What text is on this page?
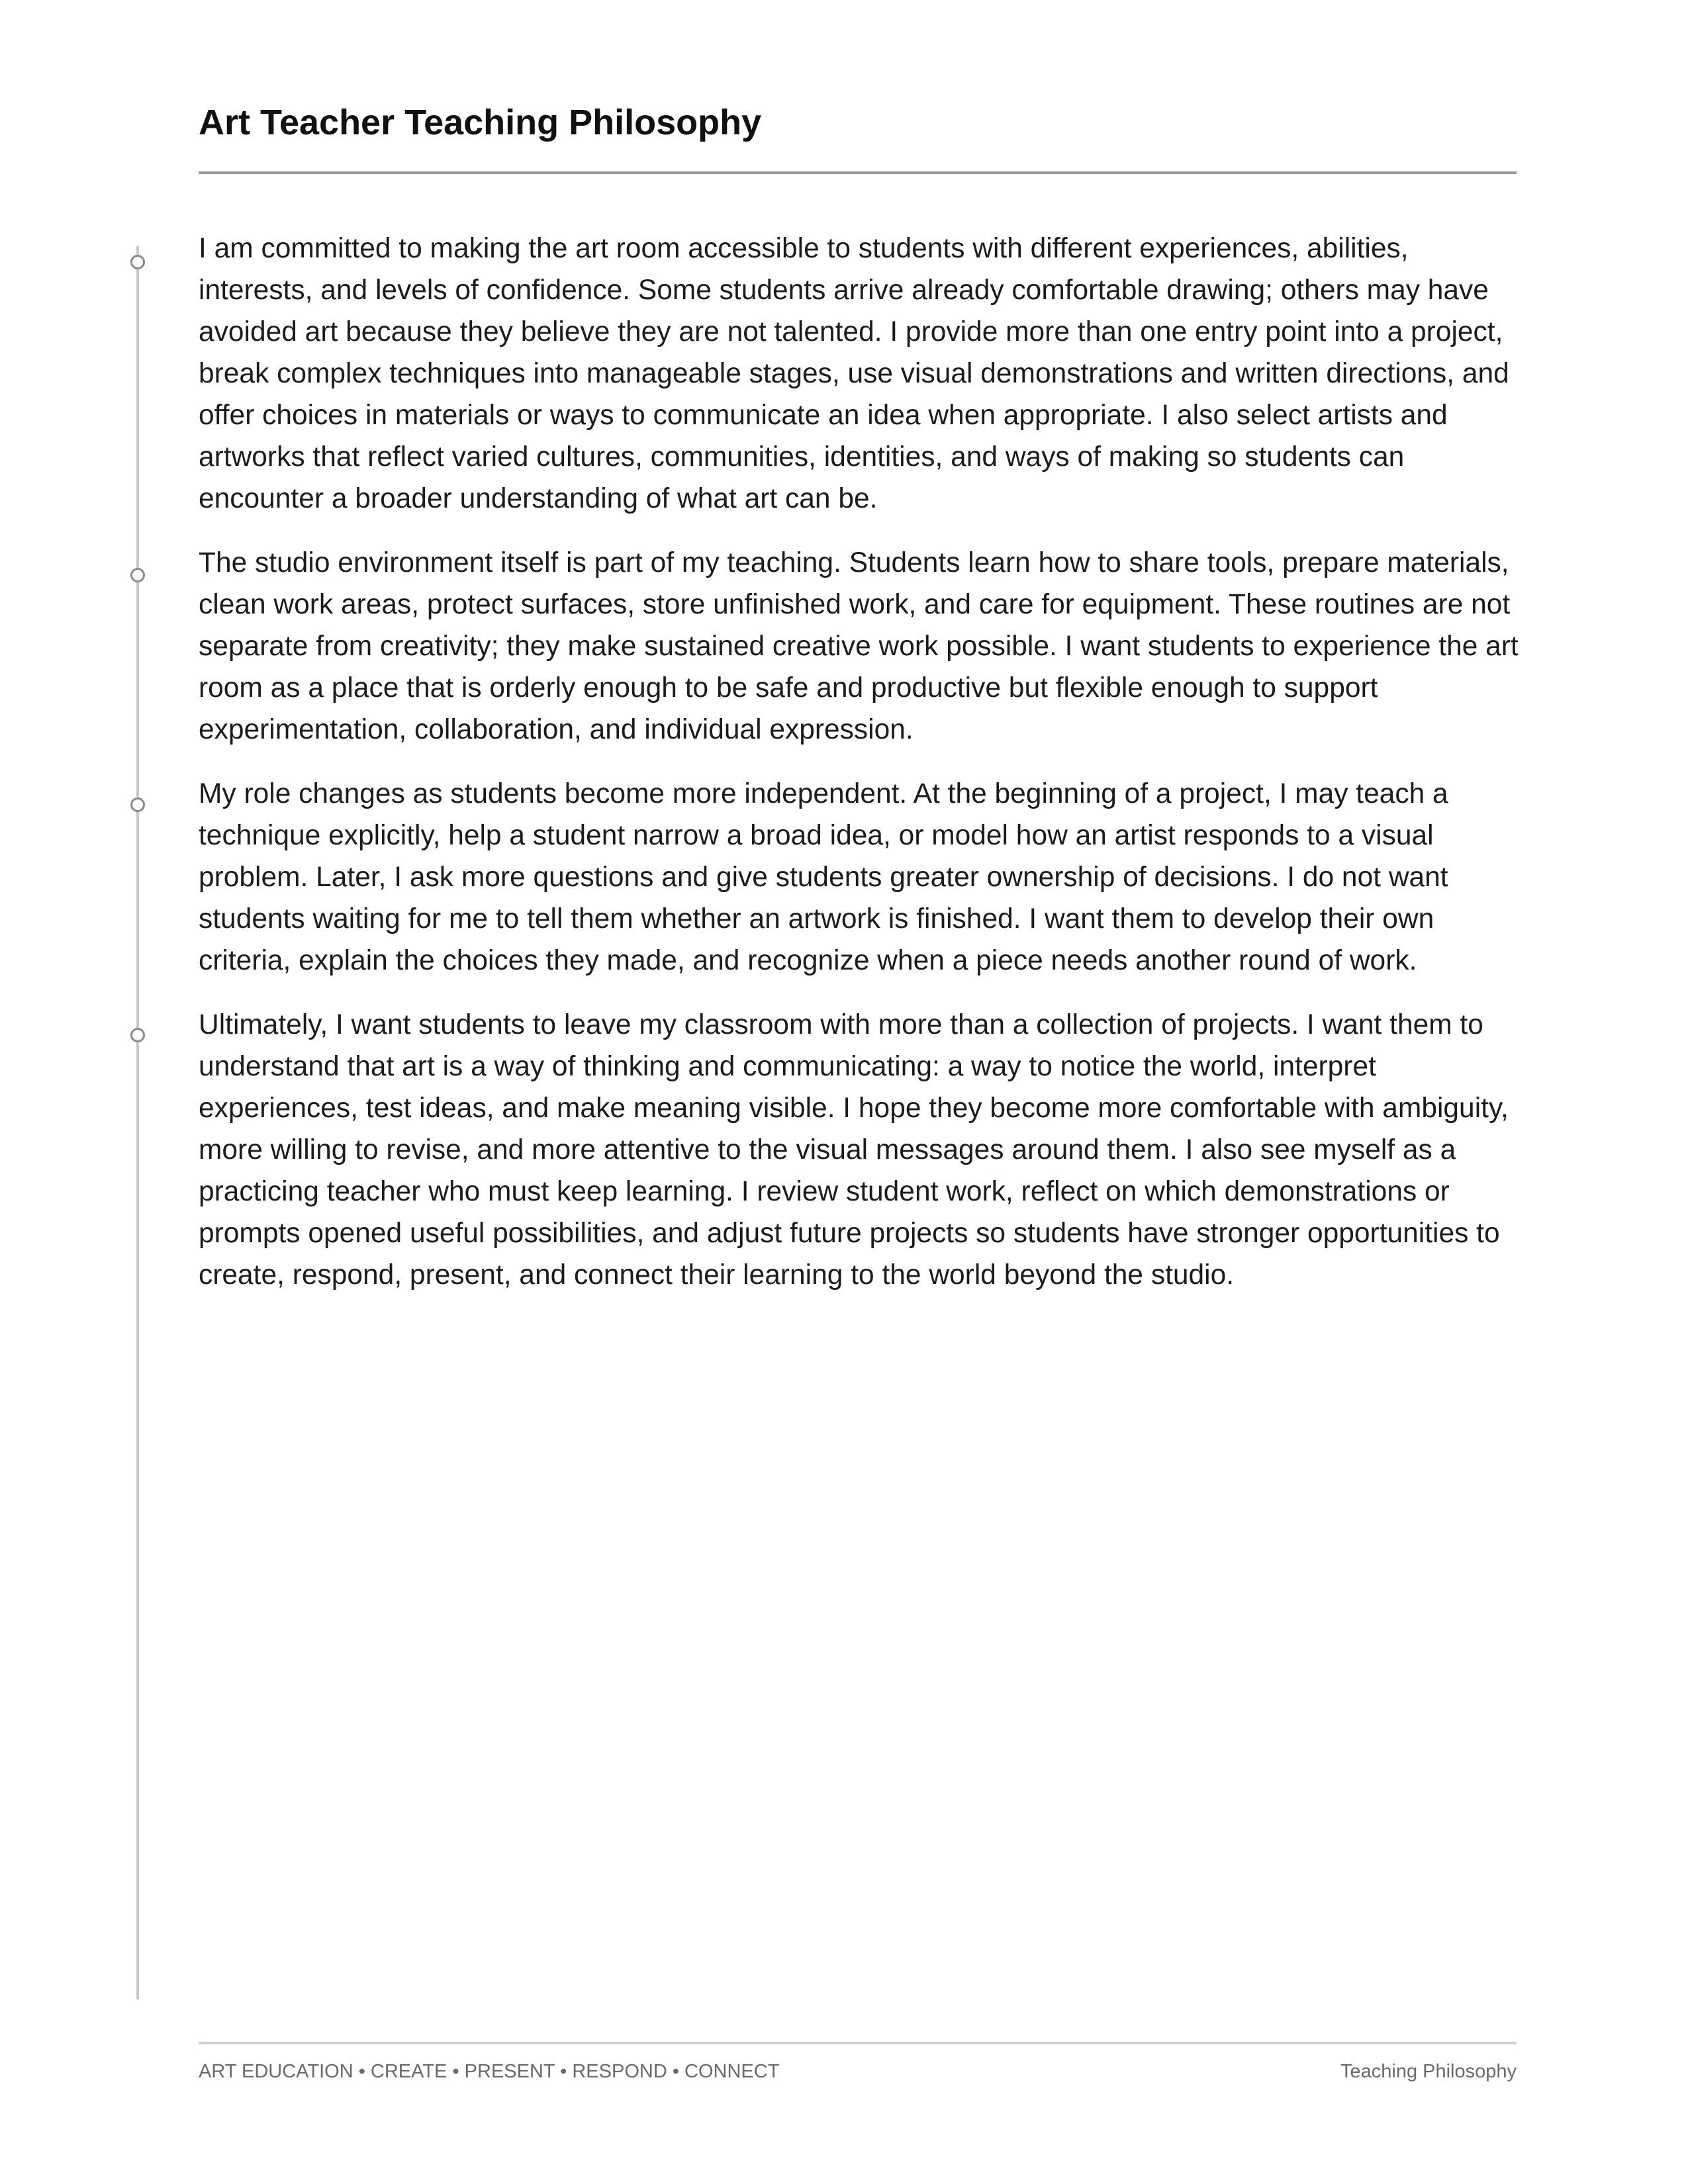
Art Teacher Teaching Philosophy

I am committed to making the art room accessible to students with different experiences, abilities, interests, and levels of confidence. Some students arrive already comfortable drawing; others may have avoided art because they believe they are not talented. I provide more than one entry point into a project, break complex techniques into manageable stages, use visual demonstrations and written directions, and offer choices in materials or ways to communicate an idea when appropriate. I also select artists and artworks that reflect varied cultures, communities, identities, and ways of making so students can encounter a broader understanding of what art can be.

The studio environment itself is part of my teaching. Students learn how to share tools, prepare materials, clean work areas, protect surfaces, store unfinished work, and care for equipment. These routines are not separate from creativity; they make sustained creative work possible. I want students to experience the art room as a place that is orderly enough to be safe and productive but flexible enough to support experimentation, collaboration, and individual expression.

My role changes as students become more independent. At the beginning of a project, I may teach a technique explicitly, help a student narrow a broad idea, or model how an artist responds to a visual problem. Later, I ask more questions and give students greater ownership of decisions. I do not want students waiting for me to tell them whether an artwork is finished. I want them to develop their own criteria, explain the choices they made, and recognize when a piece needs another round of work.

Ultimately, I want students to leave my classroom with more than a collection of projects. I want them to understand that art is a way of thinking and communicating: a way to notice the world, interpret experiences, test ideas, and make meaning visible. I hope they become more comfortable with ambiguity, more willing to revise, and more attentive to the visual messages around them. I also see myself as a practicing teacher who must keep learning. I review student work, reflect on which demonstrations or prompts opened useful possibilities, and adjust future projects so students have stronger opportunities to create, respond, present, and connect their learning to the world beyond the studio.

ART EDUCATION • CREATE • PRESENT • RESPOND • CONNECT	Teaching Philosophy
